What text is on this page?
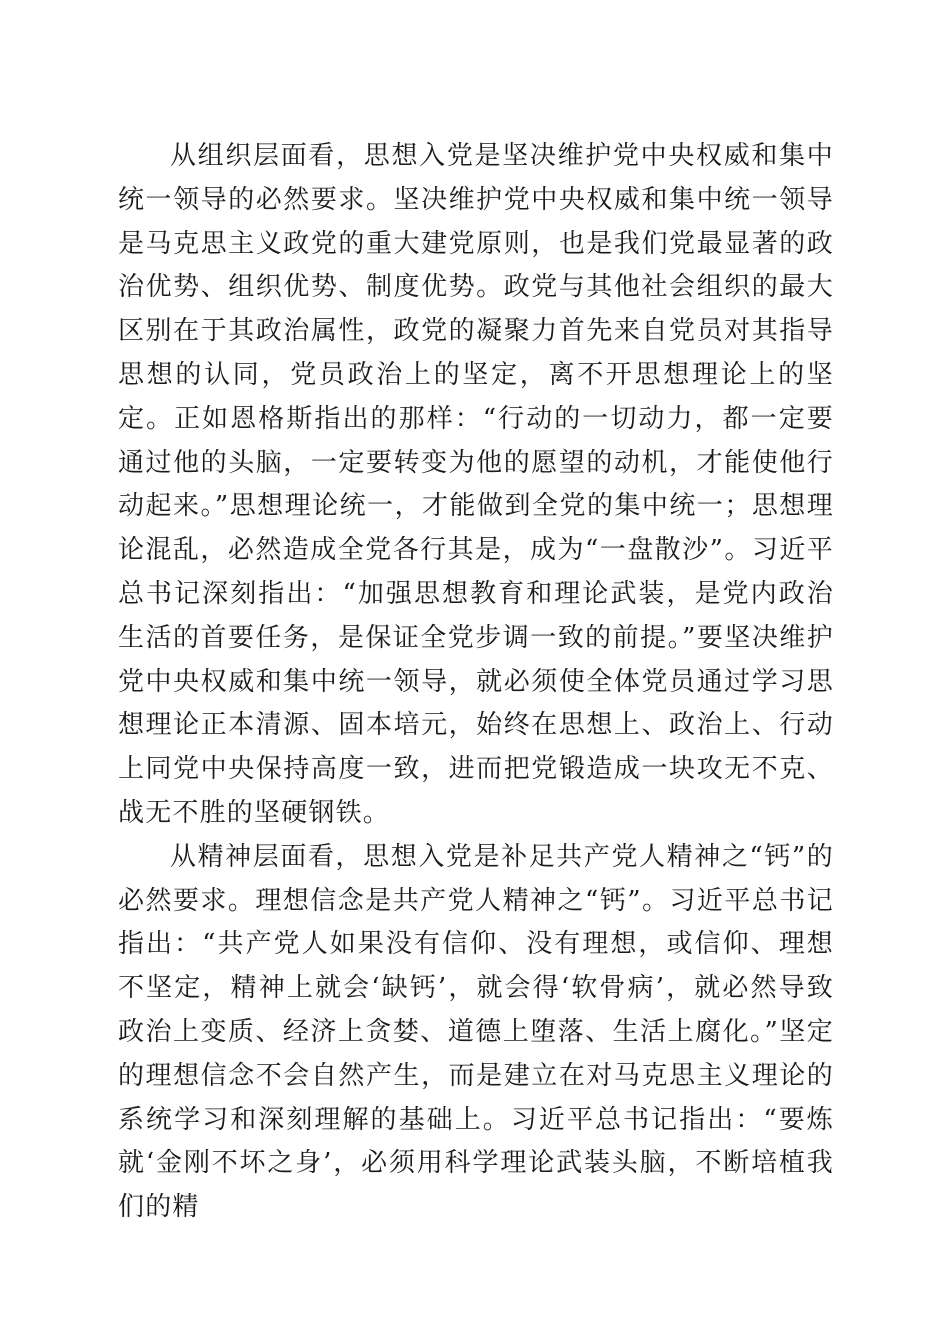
从组织层面看，思想入党是坚决维护党中央权威和集中统一领导的必然要求。坚决维护党中央权威和集中统一领导是马克思主义政党的重大建党原则，也是我们党最显著的政治优势、组织优势、制度优势。政党与其他社会组织的最大区别在于其政治属性，政党的凝聚力首先来自党员对其指导思想的认同，党员政治上的坚定，离不开思想理论上的坚定。正如恩格斯指出的那样：“行动的一切动力，都一定要通过他的头脑，一定要转变为他的愿望的动机，才能使他行动起来。”思想理论统一，才能做到全党的集中统一；思想理论混乱，必然造成全党各行其是，成为“一盘散沙”。习近平总书记深刻指出：“加强思想教育和理论武装，是党内政治生活的首要任务，是保证全党步调一致的前提。”要坚决维护党中央权威和集中统一领导，就必须使全体党员通过学习思想理论正本清源、固本培元，始终在思想上、政治上、行动上同党中央保持高度一致，进而把党锻造成一块攻无不克、战无不胜的坚硬钢铁。

从精神层面看，思想入党是补足共产党人精神之“钙”的必然要求。理想信念是共产党人精神之“钙”。习近平总书记指出：“共产党人如果没有信仰、没有理想，或信仰、理想不坚定，精神上就会‘缺钙’，就会得‘软骨病’，就必然导致政治上变质、经济上贪婪、道德上堕落、生活上腐化。”坚定的理想信念不会自然产生，而是建立在对马克思主义理论的系统学习和深刻理解的基础上。习近平总书记指出：“要炼就‘金刚不坏之身’，必须用科学理论武装头脑，不断培植我们的精
